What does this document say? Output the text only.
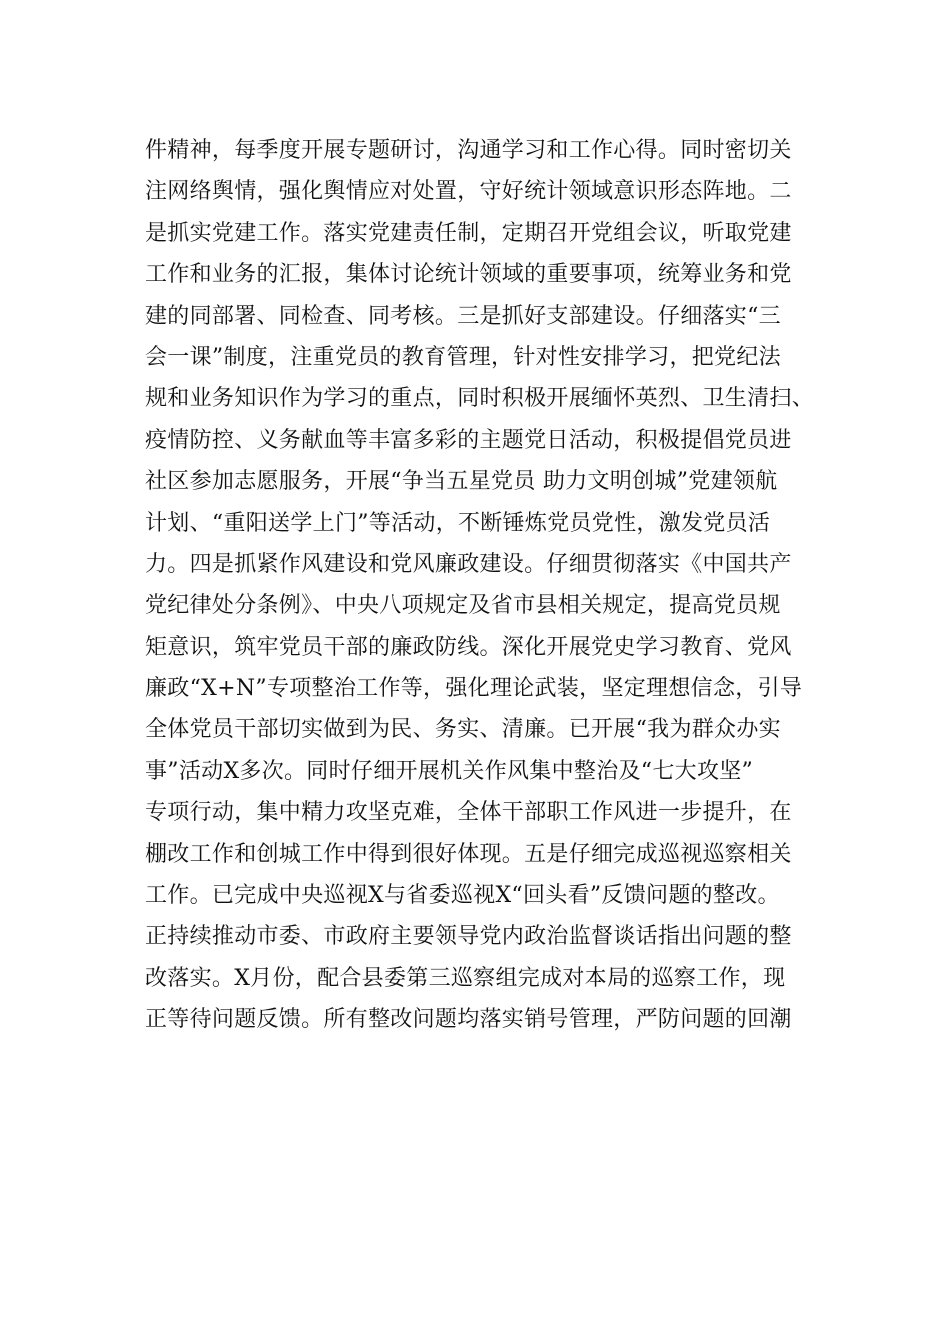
件精神，每季度开展专题研讨，沟通学习和工作心得。同时密切关
注网络舆情，强化舆情应对处置，守好统计领域意识形态阵地。二
是抓实党建工作。落实党建责任制，定期召开党组会议，听取党建
工作和业务的汇报，集体讨论统计领域的重要事项，统筹业务和党
建的同部署、同检查、同考核。三是抓好支部建设。仔细落实“三
会一课”制度，注重党员的教育管理，针对性安排学习，把党纪法
规和业务知识作为学习的重点，同时积极开展缅怀英烈、卫生清扫、
疫情防控、义务献血等丰富多彩的主题党日活动，积极提倡党员进
社区参加志愿服务，开展“争当五星党员 助力文明创城”党建领航
计划、“重阳送学上门”等活动，不断锤炼党员党性，激发党员活
力。四是抓紧作风建设和党风廉政建设。仔细贯彻落实《中国共产
党纪律处分条例》、中央八项规定及省市县相关规定，提高党员规
矩意识，筑牢党员干部的廉政防线。深化开展党史学习教育、党风
廉政“X+N”专项整治工作等，强化理论武装，坚定理想信念，引导
全体党员干部切实做到为民、务实、清廉。已开展“我为群众办实
事”活动X多次。同时仔细开展机关作风集中整治及“七大攻坚”
专项行动，集中精力攻坚克难，全体干部职工作风进一步提升，在
棚改工作和创城工作中得到很好体现。五是仔细完成巡视巡察相关
工作。已完成中央巡视X与省委巡视X“回头看”反馈问题的整改。
正持续推动市委、市政府主要领导党内政治监督谈话指出问题的整
改落实。X月份，配合县委第三巡察组完成对本局的巡察工作，现
正等待问题反馈。所有整改问题均落实销号管理，严防问题的回潮
